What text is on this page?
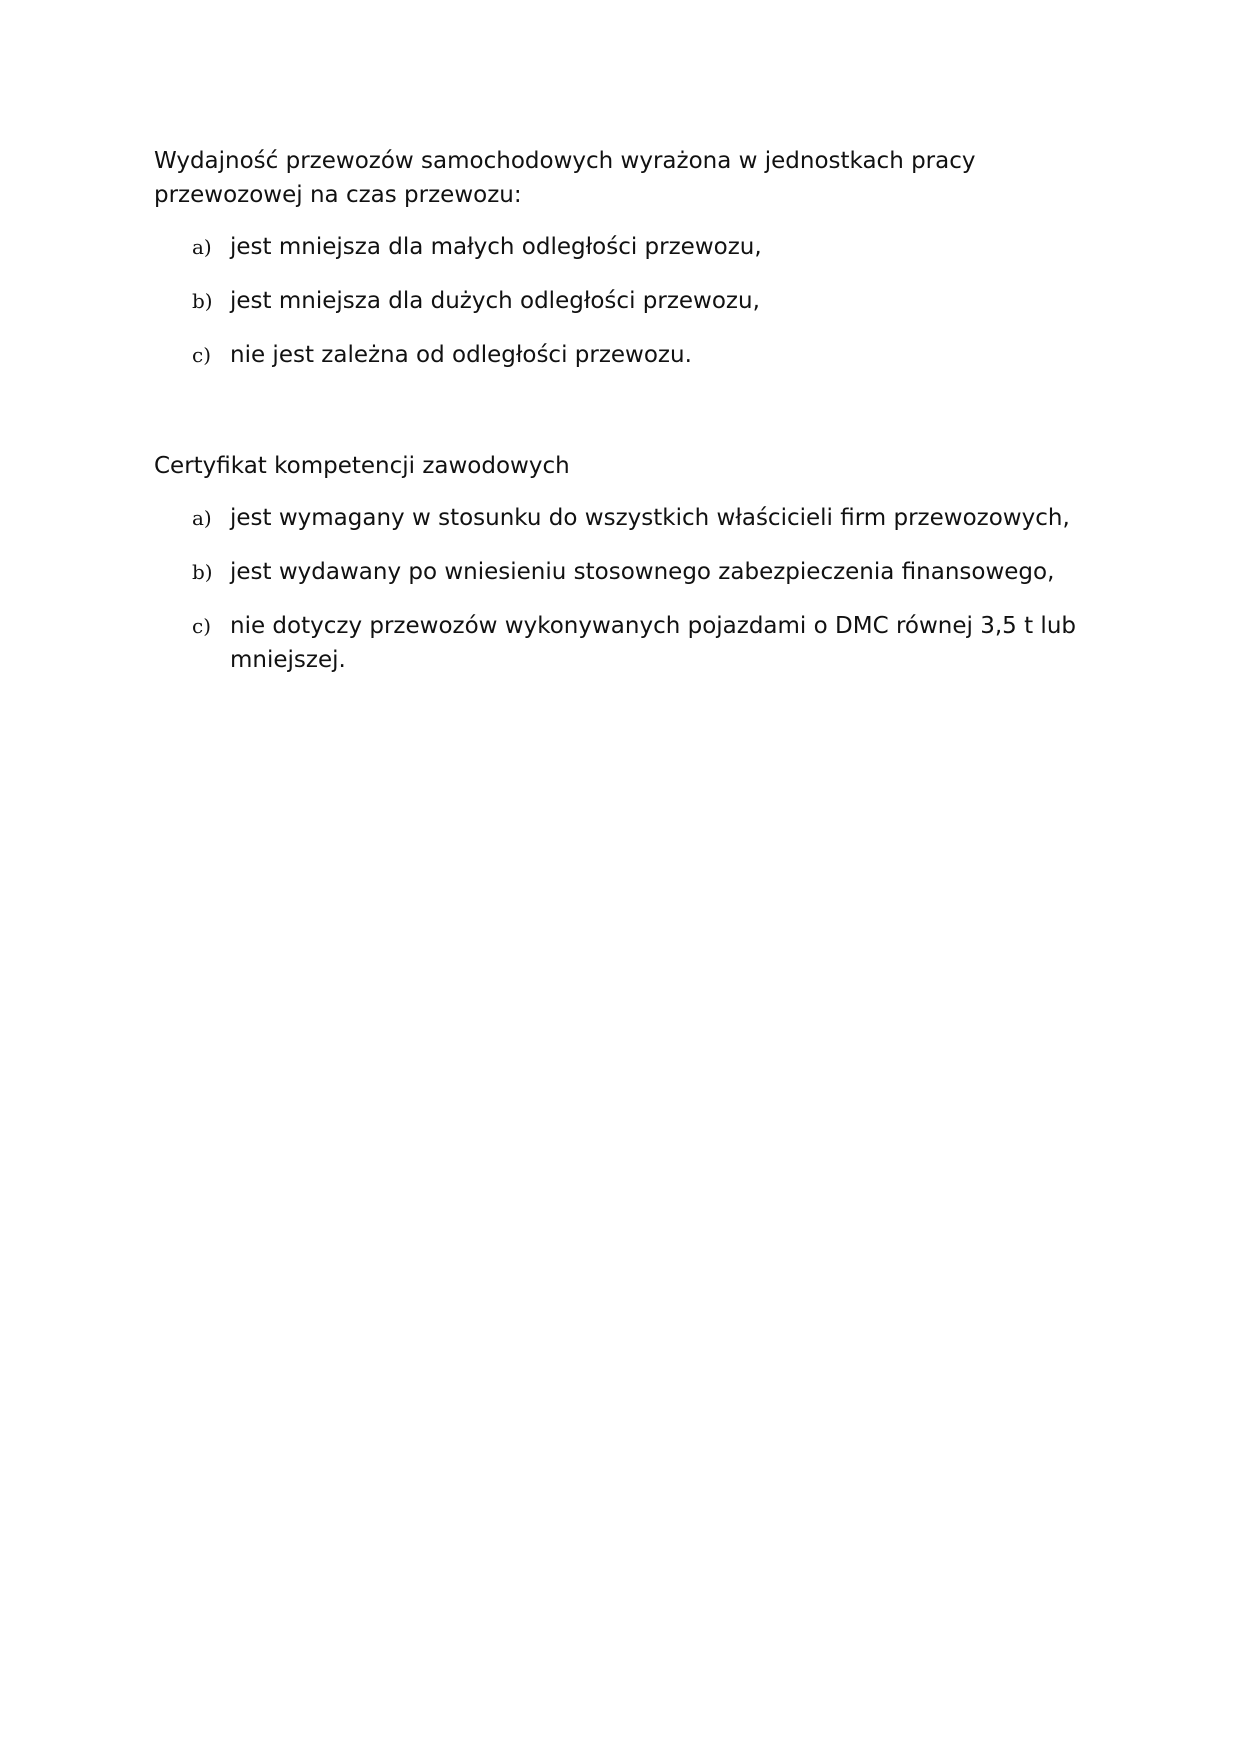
Wydajność przewozów samochodowych wyrażona w jednostkach pracy przewozowej na czas przewozu:

a) jest mniejsza dla małych odległości przewozu,
b) jest mniejsza dla dużych odległości przewozu,
c) nie jest zależna od odległości przewozu.

Certyfikat kompetencji zawodowych

a) jest wymagany w stosunku do wszystkich właścicieli firm przewozowych,
b) jest wydawany po wniesieniu stosownego zabezpieczenia finansowego,
c) nie dotyczy przewozów wykonywanych pojazdami o DMC równej 3,5 t lub mniejszej.
